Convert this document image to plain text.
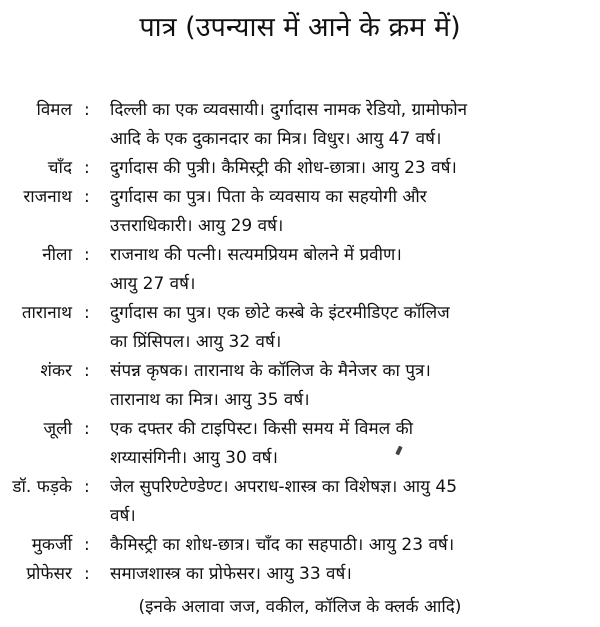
पात्र (उपन्यास में आने के क्रम में)
विमल : दिल्ली का एक व्यवसायी। दुर्गादास नामक रेडियो, ग्रामोफोन
आदि के एक दुकानदार का मित्र। विधुर। आयु 47 वर्ष।
चाँद : दुर्गादास की पुत्री। कैमिस्ट्री की शोध-छात्रा। आयु 23 वर्ष।
राजनाथ : दुर्गादास का पुत्र। पिता के व्यवसाय का सहयोगी और
उत्तराधिकारी। आयु 29 वर्ष।
नीला : राजनाथ की पत्नी। सत्यमप्रियम बोलने में प्रवीण।
आयु 27 वर्ष।
तारानाथ : दुर्गादास का पुत्र। एक छोटे कस्बे के इंटरमीडिएट कॉलिज
का प्रिंसिपल। आयु 32 वर्ष।
शंकर : संपन्न कृषक। तारानाथ के कॉलिज के मैनेजर का पुत्र।
तारानाथ का मित्र। आयु 35 वर्ष।
जूली : एक दफ्तर की टाइपिस्ट। किसी समय में विमल की
शय्यासंगिनी। आयु 30 वर्ष।
डॉ. फड़के : जेल सुपरिण्टेण्डेण्ट। अपराध-शास्त्र का विशेषज्ञ। आयु 45
वर्ष।
मुकर्जी : कैमिस्ट्री का शोध-छात्र। चाँद का सहपाठी। आयु 23 वर्ष।
प्रोफेसर : समाजशास्त्र का प्रोफेसर। आयु 33 वर्ष।
(इनके अलावा जज, वकील, कॉलिज के क्लर्क आदि)
